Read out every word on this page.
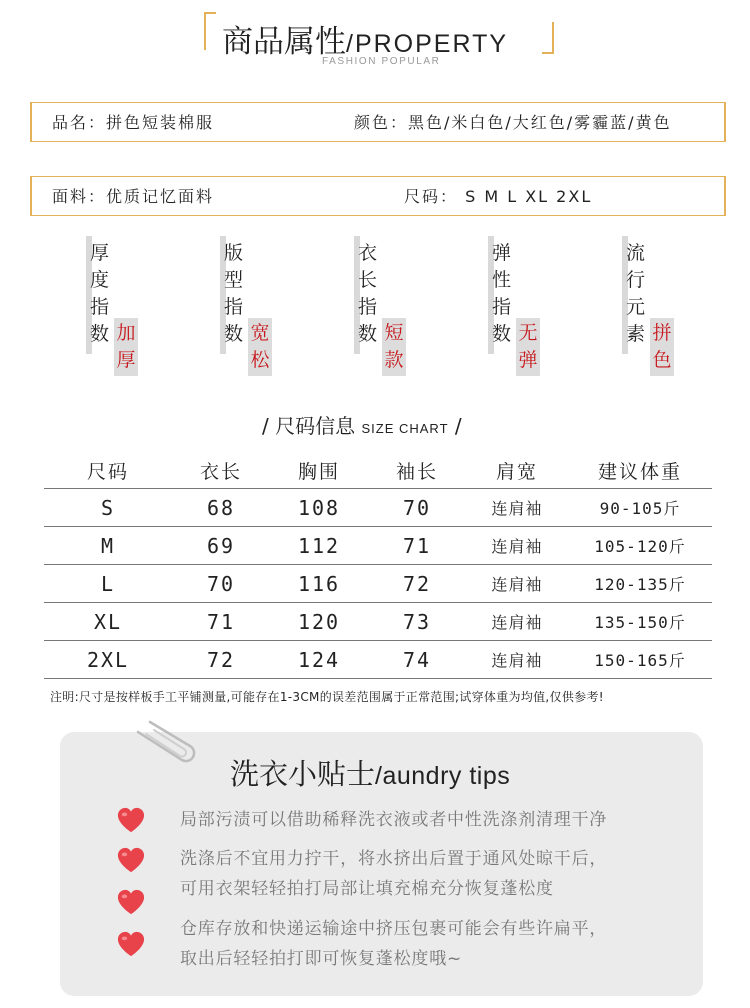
商品属性/PROPERTY
FASHION POPULAR
品名：拼色短装棉服	颜色：黑色/米白色/大红色/雾霾蓝/黄色
面料：优质记忆面料	尺码： S M L XL 2XL
厚度指数 加厚
版型指数 宽松
衣长指数 短款
弹性指数 无弹
流行元素 拼色
/ 尺码信息 SIZE CHART /
尺码	衣长	胸围	袖长	肩宽	建议体重
S	68	108	70	连肩袖	90-105斤
M	69	112	71	连肩袖	105-120斤
L	70	116	72	连肩袖	120-135斤
XL	71	120	73	连肩袖	135-150斤
2XL	72	124	74	连肩袖	150-165斤
注明:尺寸是按样板手工平铺测量,可能存在1-3CM的误差范围属于正常范围;试穿体重为均值,仅供参考!
洗衣小贴士/aundry tips
局部污渍可以借助稀释洗衣液或者中性洗涤剂清理干净
洗涤后不宜用力拧干，将水挤出后置于通风处晾干后，
可用衣架轻轻拍打局部让填充棉充分恢复蓬松度
仓库存放和快递运输途中挤压包裹可能会有些许扁平，
取出后轻轻拍打即可恢复蓬松度哦~
